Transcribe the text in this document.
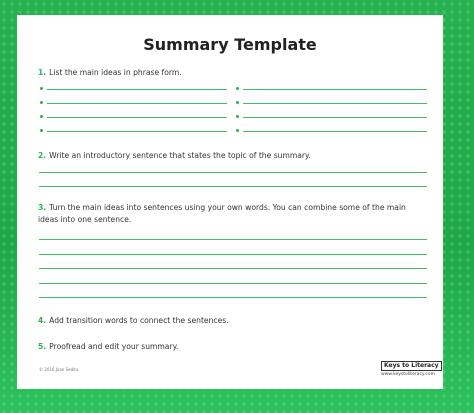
Summary Template
1. List the main ideas in phrase form.
2. Write an introductory sentence that states the topic of the summary.
3. Turn the main ideas into sentences using your own words. You can combine some of the main ideas into one sentence.
4. Add transition words to connect the sentences.
5. Proofread and edit your summary.
© 2016 Joan Sedita
Keys to Literacy
www.keystoliteracy.com
